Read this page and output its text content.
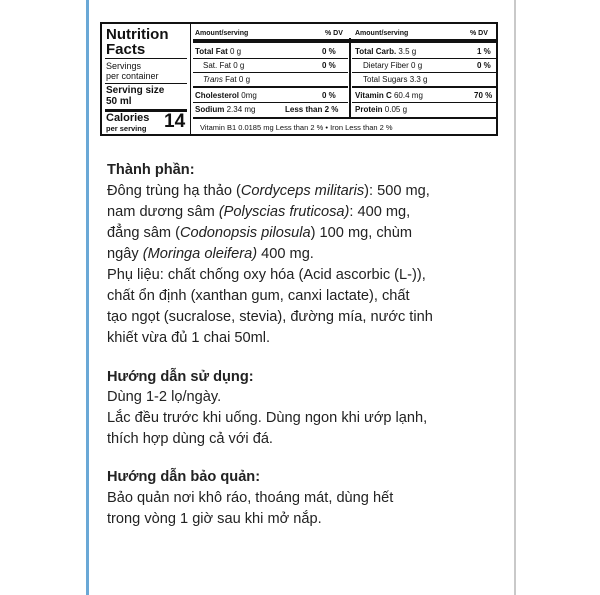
Nutrition
Facts
Servings
per container
Serving size
50 ml
Calories
per serving 14
Amount/serving	% DV Amount/serving	% DV
Total Fat 0 g	0 %
Sat. Fat 0 g	0 %
Trans Fat 0 g
Cholesterol 0mg	0 %
Sodium 2.34 mg	Less than 2 %
Total Carb. 3.5 g	1 %
Dietary Fiber 0 g	0 %
Total Sugars 3.3 g
Vitamin C 60.4 mg	70 %
Protein 0.05 g
Vitamin B1 0.0185 mg Less than 2 % • Iron Less than 2 %
Thành phần:
Đông trùng hạ thảo (Cordyceps militaris): 500 mg,
nam dương sâm (Polyscias fruticosa): 400 mg,
đẳng sâm (Codonopsis pilosula) 100 mg, chùm
ngây (Moringa oleifera) 400 mg.
Phụ liệu: chất chống oxy hóa (Acid ascorbic (L-)),
chất ổn định (xanthan gum, canxi lactate), chất
tạo ngọt (sucralose, stevia), đường mía, nước tinh
khiết vừa đủ 1 chai 50ml.
Hướng dẫn sử dụng:
Dùng 1-2 lọ/ngày.
Lắc đều trước khi uống. Dùng ngon khi ướp lạnh,
thích hợp dùng cả với đá.
Hướng dẫn bảo quản:
Bảo quản nơi khô ráo, thoáng mát, dùng hết
trong vòng 1 giờ sau khi mở nắp.
